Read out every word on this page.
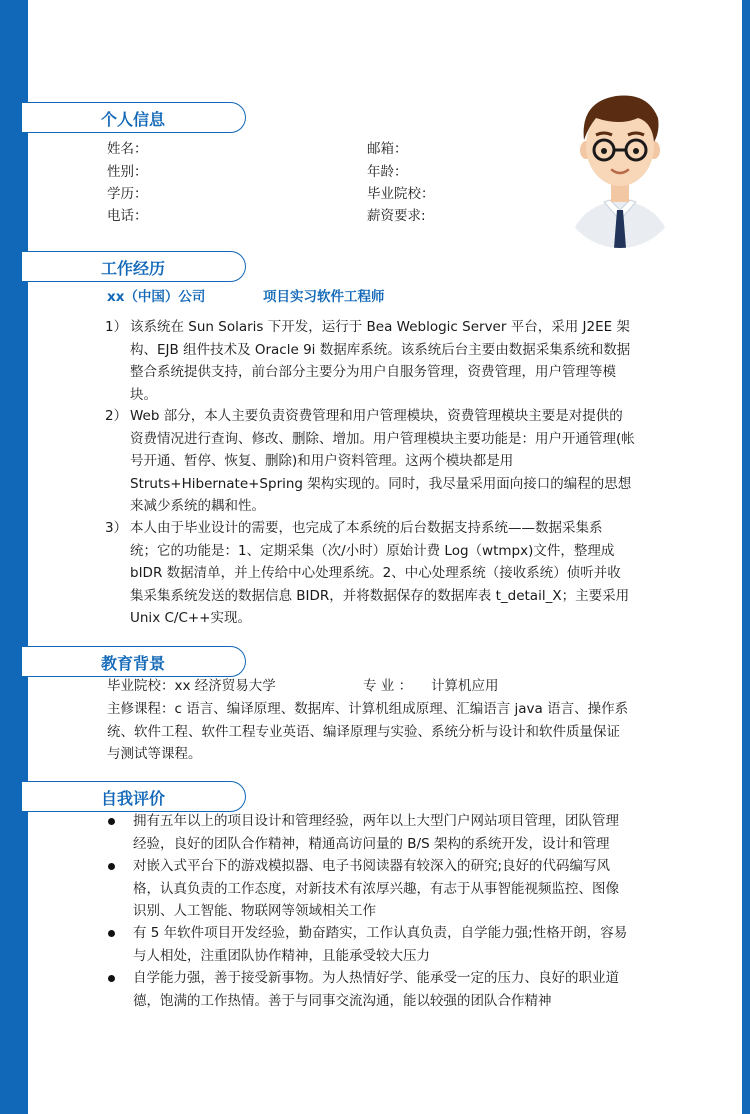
个人信息
姓名：	邮箱：
性别：	年龄：
学历：	毕业院校：
电话：	薪资要求:
工作经历
xx（中国）公司	项目实习软件工程师
1） 该系统在 Sun Solaris 下开发，运行于 Bea Weblogic Server 平台，采用 J2EE 架
构、EJB 组件技术及 Oracle 9i 数据库系统。该系统后台主要由数据采集系统和数据
整合系统提供支持，前台部分主要分为用户自服务管理，资费管理，用户管理等模
块。
2） Web 部分，本人主要负责资费管理和用户管理模块，资费管理模块主要是对提供的
资费情况进行查询、修改、删除、增加。用户管理模块主要功能是：用户开通管理(帐
号开通、暂停、恢复、删除)和用户资料管理。这两个模块都是用
Struts+Hibernate+Spring 架构实现的。同时，我尽量采用面向接口的编程的思想
来减少系统的耦和性。
3） 本人由于毕业设计的需要，也完成了本系统的后台数据支持系统——数据采集系
统；它的功能是：1、定期采集（次/小时）原始计费 Log（wtmpx)文件，整理成
bIDR 数据清单，并上传给中心处理系统。2、中心处理系统（接收系统）侦听并收
集采集系统发送的数据信息 BIDR，并将数据保存的数据库表 t_detail_X；主要采用
Unix C/C++实现。
教育背景
毕业院校：xx 经济贸易大学	专 业 ： 计算机应用
主修课程：c 语言、编译原理、数据库、计算机组成原理、汇编语言 java 语言、操作系
统、软件工程、软件工程专业英语、编译原理与实验、系统分析与设计和软件质量保证
与测试等课程。
自我评价
拥有五年以上的项目设计和管理经验，两年以上大型门户网站项目管理，团队管理
经验，良好的团队合作精神，精通高访问量的 B/S 架构的系统开发，设计和管理
对嵌入式平台下的游戏模拟器、电子书阅读器有较深入的研究;良好的代码编写风
格，认真负责的工作态度，对新技术有浓厚兴趣，有志于从事智能视频监控、图像
识别、人工智能、物联网等领域相关工作
有 5 年软件项目开发经验，勤奋踏实，工作认真负责，自学能力强;性格开朗，容易
与人相处，注重团队协作精神，且能承受较大压力
自学能力强，善于接受新事物。为人热情好学、能承受一定的压力、良好的职业道
德，饱满的工作热情。善于与同事交流沟通，能以较强的团队合作精神
